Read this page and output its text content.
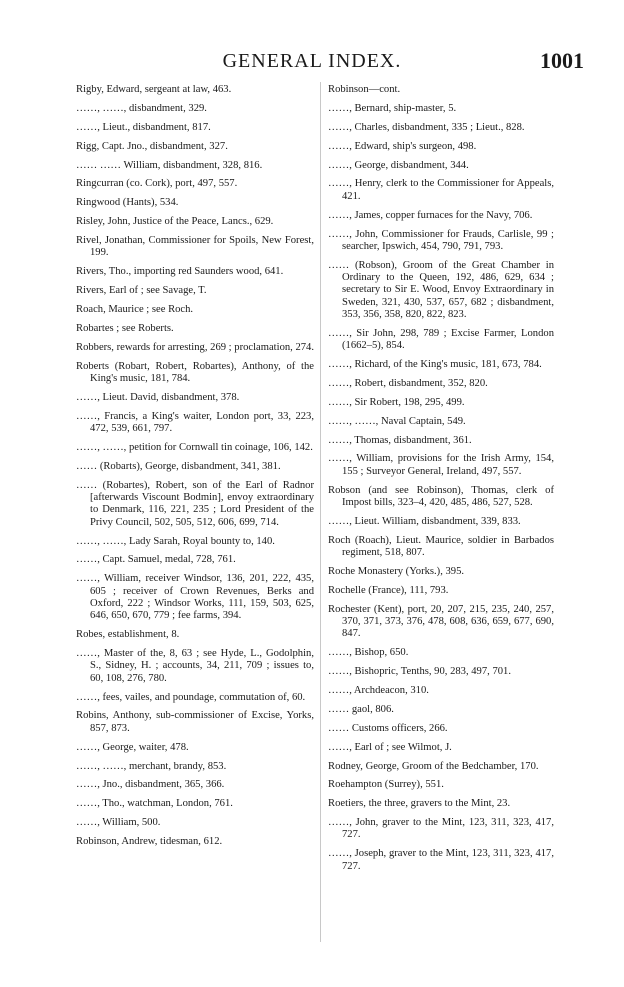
GENERAL INDEX.	1001

Rigby, Edward, sergeant at law, 463.

……, ……, disbandment, 329.

……, Lieut., disbandment, 817.

Rigg, Capt. Jno., disbandment, 327.

…… …… William, disbandment, 328, 816.

Ringcurran (co. Cork), port, 497, 557.

Ringwood (Hants), 534.

Risley, John, Justice of the Peace, Lancs., 629.

Rivel, Jonathan, Commissioner for Spoils, New Forest, 199.

Rivers, Tho., importing red Saunders wood, 641.

Rivers, Earl of ; see Savage, T.

Roach, Maurice ; see Roch.

Robartes ; see Roberts.

Robbers, rewards for arresting, 269 ; proclamation, 274.

Roberts (Robart, Robert, Robartes), Anthony, of the King's music, 181, 784.

……, Lieut. David, disbandment, 378.

……, Francis, a King's waiter, London port, 33, 223, 472, 539, 661, 797.

……, ……, petition for Cornwall tin coinage, 106, 142.

…… (Robarts), George, disbandment, 341, 381.

…… (Robartes), Robert, son of the Earl of Radnor [afterwards Viscount Bodmin], envoy extraordinary to Denmark, 116, 221, 235 ; Lord President of the Privy Council, 502, 505, 512, 606, 699, 714.

……, ……, Lady Sarah, Royal bounty to, 140.

……, Capt. Samuel, medal, 728, 761.

……, William, receiver Windsor, 136, 201, 222, 435, 605 ; receiver of Crown Revenues, Berks and Oxford, 222 ; Windsor Works, 111, 159, 503, 625, 646, 650, 670, 779 ; fee farms, 394.

Robes, establishment, 8.

……, Master of the, 8, 63 ; see Hyde, L., Godolphin, S., Sidney, H. ; accounts, 34, 211, 709 ; issues to, 60, 108, 276, 780.

……, fees, vailes, and poundage, commutation of, 60.

Robins, Anthony, sub-commissioner of Excise, Yorks, 857, 873.

……, George, waiter, 478.

……, ……, merchant, brandy, 853.

……, Jno., disbandment, 365, 366.

……, Tho., watchman, London, 761.

……, William, 500.

Robinson, Andrew, tidesman, 612.

Robinson—cont.

……, Bernard, ship-master, 5.

……, Charles, disbandment, 335 ; Lieut., 828.

……, Edward, ship's surgeon, 498.

……, George, disbandment, 344.

……, Henry, clerk to the Commissioner for Appeals, 421.

……, James, copper furnaces for the Navy, 706.

……, John, Commissioner for Frauds, Carlisle, 99 ; searcher, Ipswich, 454, 790, 791, 793.

…… (Robson), Groom of the Great Chamber in Ordinary to the Queen, 192, 486, 629, 634 ; secretary to Sir E. Wood, Envoy Extraordinary in Sweden, 321, 430, 537, 657, 682 ; disbandment, 353, 356, 358, 820, 822, 823.

……, Sir John, 298, 789 ; Excise Farmer, London (1662–5), 854.

……, Richard, of the King's music, 181, 673, 784.

……, Robert, disbandment, 352, 820.

……, Sir Robert, 198, 295, 499.

……, ……, Naval Captain, 549.

……, Thomas, disbandment, 361.

……, William, provisions for the Irish Army, 154, 155 ; Surveyor General, Ireland, 497, 557.

Robson (and see Robinson), Thomas, clerk of Impost bills, 323–4, 420, 485, 486, 527, 528.

……, Lieut. William, disbandment, 339, 833.

Roch (Roach), Lieut. Maurice, soldier in Barbados regiment, 518, 807.

Roche Monastery (Yorks.), 395.

Rochelle (France), 111, 793.

Rochester (Kent), port, 20, 207, 215, 235, 240, 257, 370, 371, 373, 376, 478, 608, 636, 659, 677, 690, 847.

……, Bishop, 650.

……, Bishopric, Tenths, 90, 283, 497, 701.

……, Archdeacon, 310.

…… gaol, 806.

…… Customs officers, 266.

……, Earl of ; see Wilmot, J.

Rodney, George, Groom of the Bedchamber, 170.

Roehampton (Surrey), 551.

Roetiers, the three, gravers to the Mint, 23.

……, John, graver to the Mint, 123, 311, 323, 417, 727.

……, Joseph, graver to the Mint, 123, 311, 323, 417, 727.
